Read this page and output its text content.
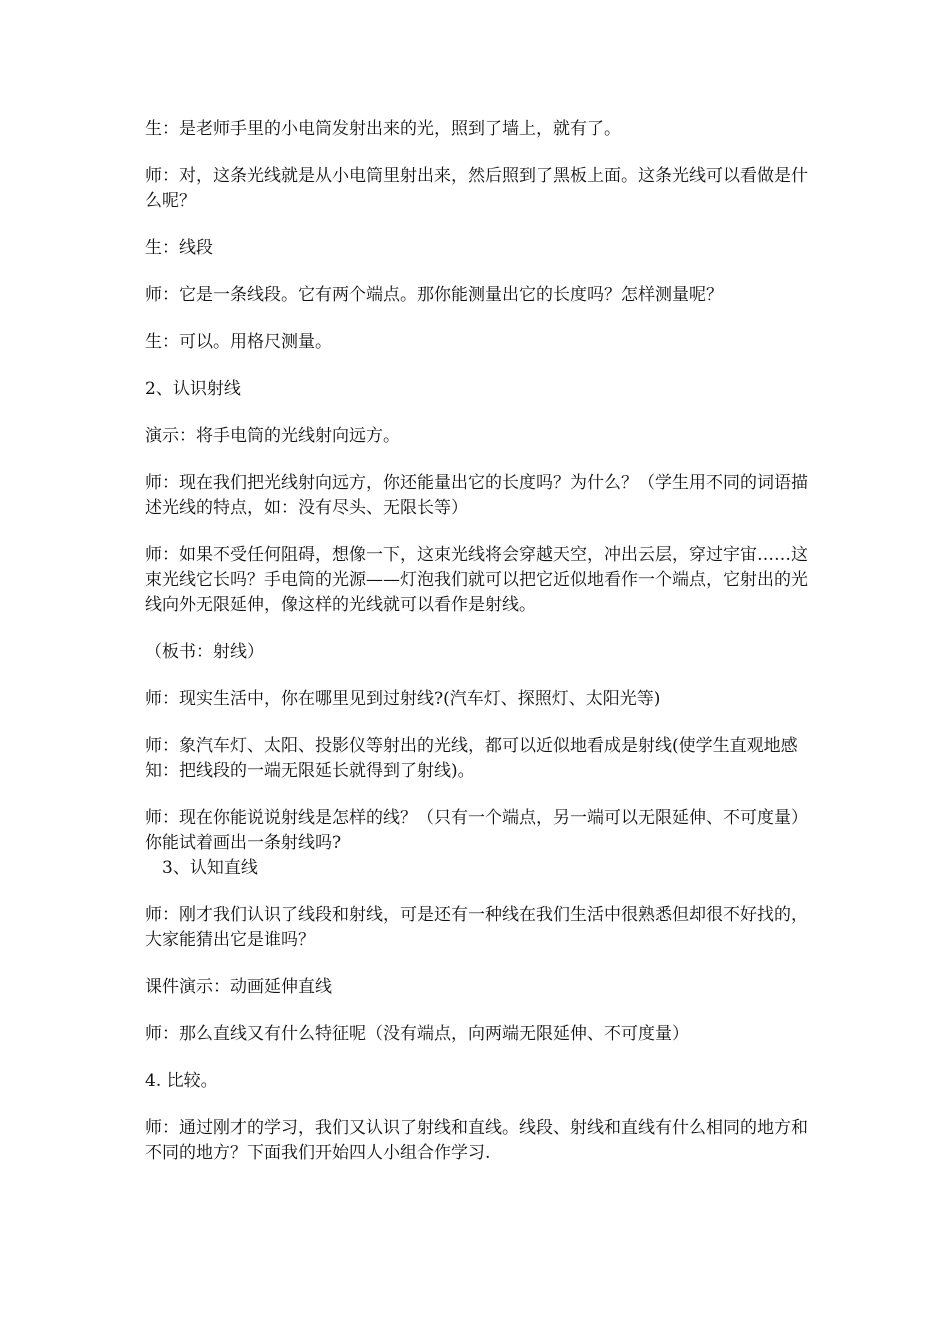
生：是老师手里的小电筒发射出来的光，照到了墙上，就有了。

师：对，这条光线就是从小电筒里射出来，然后照到了黑板上面。这条光线可以看做是什么呢？

生：线段

师：它是一条线段。它有两个端点。那你能测量出它的长度吗？怎样测量呢？

生：可以。用格尺测量。

2、认识射线

演示：将手电筒的光线射向远方。

师：现在我们把光线射向远方，你还能量出它的长度吗？为什么？（学生用不同的词语描述光线的特点，如：没有尽头、无限长等）

师：如果不受任何阻碍，想像一下，这束光线将会穿越天空，冲出云层，穿过宇宙……这束光线它长吗？手电筒的光源——灯泡我们就可以把它近似地看作一个端点，它射出的光线向外无限延伸，像这样的光线就可以看作是射线。

（板书：射线）

师：现实生活中，你在哪里见到过射线?(汽车灯、探照灯、太阳光等)

师：象汽车灯、太阳、投影仪等射出的光线，都可以近似地看成是射线(使学生直观地感知：把线段的一端无限延长就得到了射线)。

师：现在你能说说射线是怎样的线？（只有一个端点，另一端可以无限延伸、不可度量）你能试着画出一条射线吗?

3、认知直线

师：刚才我们认识了线段和射线，可是还有一种线在我们生活中很熟悉但却很不好找的，大家能猜出它是谁吗？

课件演示：动画延伸直线

师：那么直线又有什么特征呢（没有端点，向两端无限延伸、不可度量）

4. 比较。

师：通过刚才的学习，我们又认识了射线和直线。线段、射线和直线有什么相同的地方和不同的地方？下面我们开始四人小组合作学习.
